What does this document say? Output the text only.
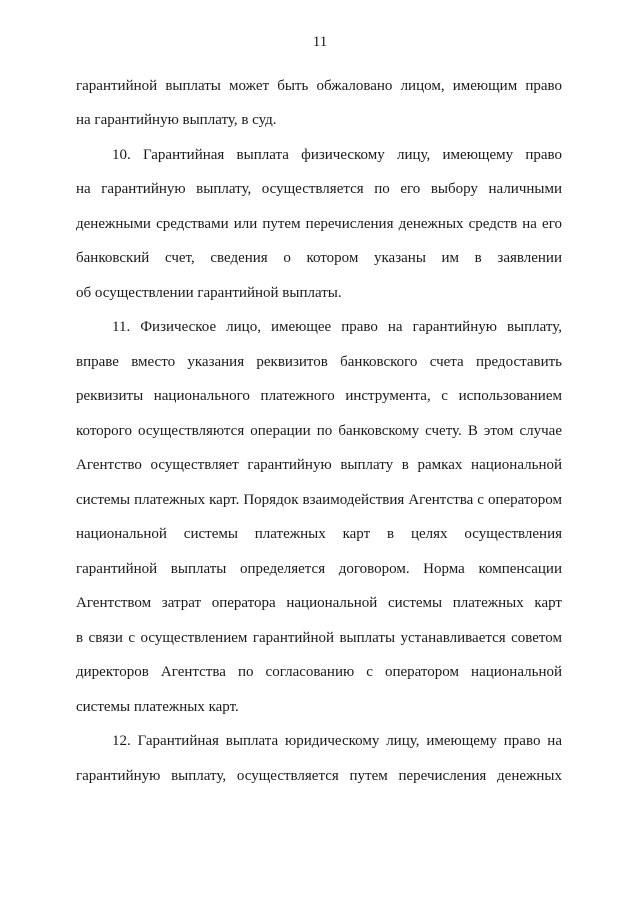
11
гарантийной выплаты может быть обжаловано лицом, имеющим право
на гарантийную выплату, в суд.
10. Гарантийная выплата физическому лицу, имеющему право
на гарантийную выплату, осуществляется по его выбору наличными
денежными средствами или путем перечисления денежных средств на его
банковский счет, сведения о котором указаны им в заявлении
об осуществлении гарантийной выплаты.
11. Физическое лицо, имеющее право на гарантийную выплату,
вправе вместо указания реквизитов банковского счета предоставить
реквизиты национального платежного инструмента, с использованием
которого осуществляются операции по банковскому счету. В этом случае
Агентство осуществляет гарантийную выплату в рамках национальной
системы платежных карт. Порядок взаимодействия Агентства с оператором
национальной системы платежных карт в целях осуществления
гарантийной выплаты определяется договором. Норма компенсации
Агентством затрат оператора национальной системы платежных карт
в связи с осуществлением гарантийной выплаты устанавливается советом
директоров Агентства по согласованию с оператором национальной
системы платежных карт.
12. Гарантийная выплата юридическому лицу, имеющему право на
гарантийную выплату, осуществляется путем перечисления денежных
